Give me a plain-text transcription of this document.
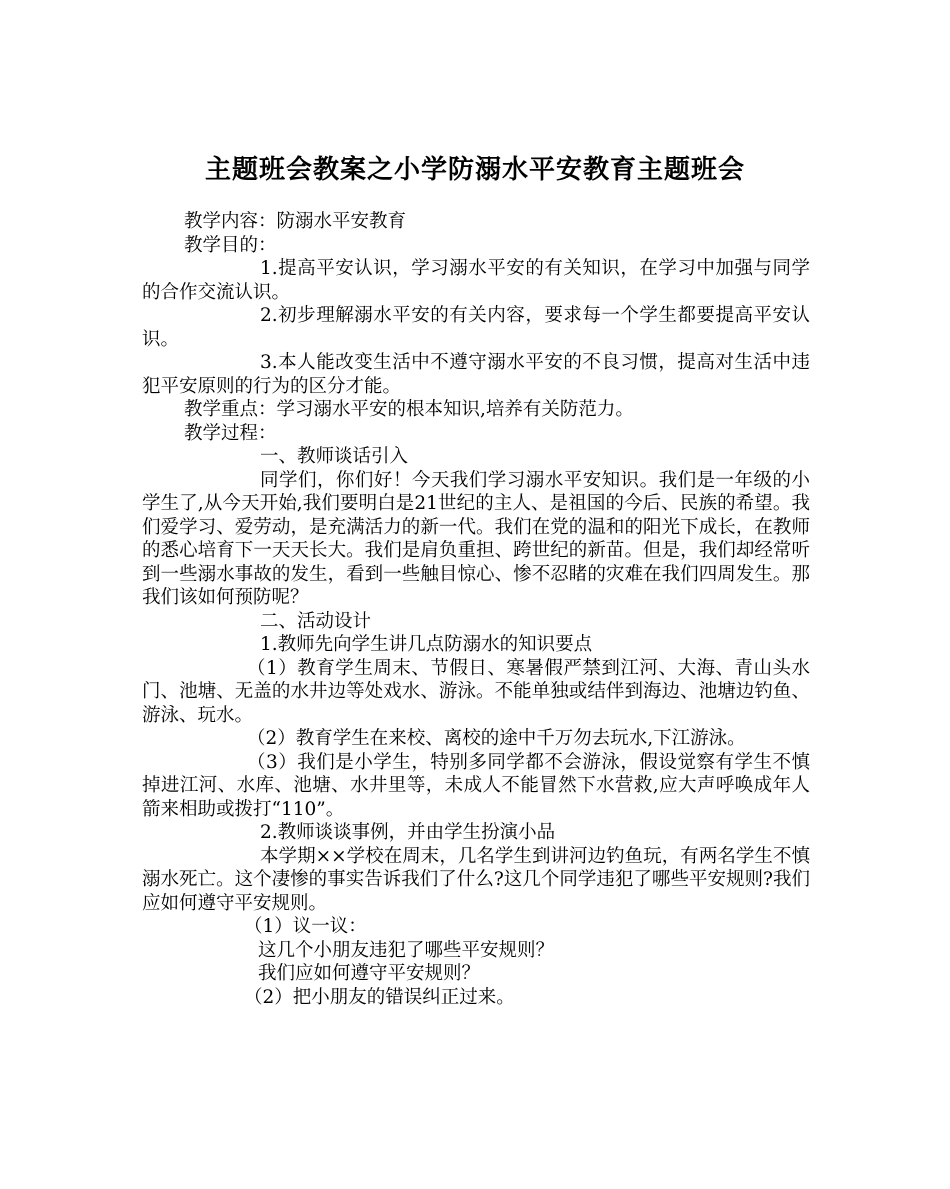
主题班会教案之小学防溺水平安教育主题班会

教学内容：防溺水平安教育

教学目的：

1.提高平安认识，学习溺水平安的有关知识，在学习中加强与同学的合作交流认识。

2.初步理解溺水平安的有关内容，要求每一个学生都要提高平安认识。

3.本人能改变生活中不遵守溺水平安的不良习惯，提高对生活中违犯平安原则的行为的区分才能。

教学重点：学习溺水平安的根本知识,培养有关防范力。

教学过程：

一、教师谈话引入

同学们，你们好！今天我们学习溺水平安知识。我们是一年级的小学生了,从今天开始,我们要明白是21世纪的主人、是祖国的今后、民族的希望。我们爱学习、爱劳动，是充满活力的新一代。我们在党的温和的阳光下成长，在教师的悉心培育下一天天长大。我们是肩负重担、跨世纪的新苗。但是，我们却经常听到一些溺水事故的发生，看到一些触目惊心、惨不忍睹的灾难在我们四周发生。那我们该如何预防呢？

二、活动设计

1.教师先向学生讲几点防溺水的知识要点

（1）教育学生周末、节假日、寒暑假严禁到江河、大海、青山头水门、池塘、无盖的水井边等处戏水、游泳。不能单独或结伴到海边、池塘边钓鱼、游泳、玩水。

（2）教育学生在来校、离校的途中千万勿去玩水,下江游泳。

（3）我们是小学生，特别多同学都不会游泳，假设觉察有学生不慎掉进江河、水库、池塘、水井里等，未成人不能冒然下水营救,应大声呼唤成年人箭来相助或拨打“110”。

2.教师谈谈事例，并由学生扮演小品

本学期××学校在周末，几名学生到讲河边钓鱼玩，有两名学生不慎溺水死亡。这个凄惨的事实告诉我们了什么?这几个同学违犯了哪些平安规则?我们应如何遵守平安规则。

（1）议一议：

这几个小朋友违犯了哪些平安规则？

我们应如何遵守平安规则？

（2）把小朋友的错误纠正过来。
